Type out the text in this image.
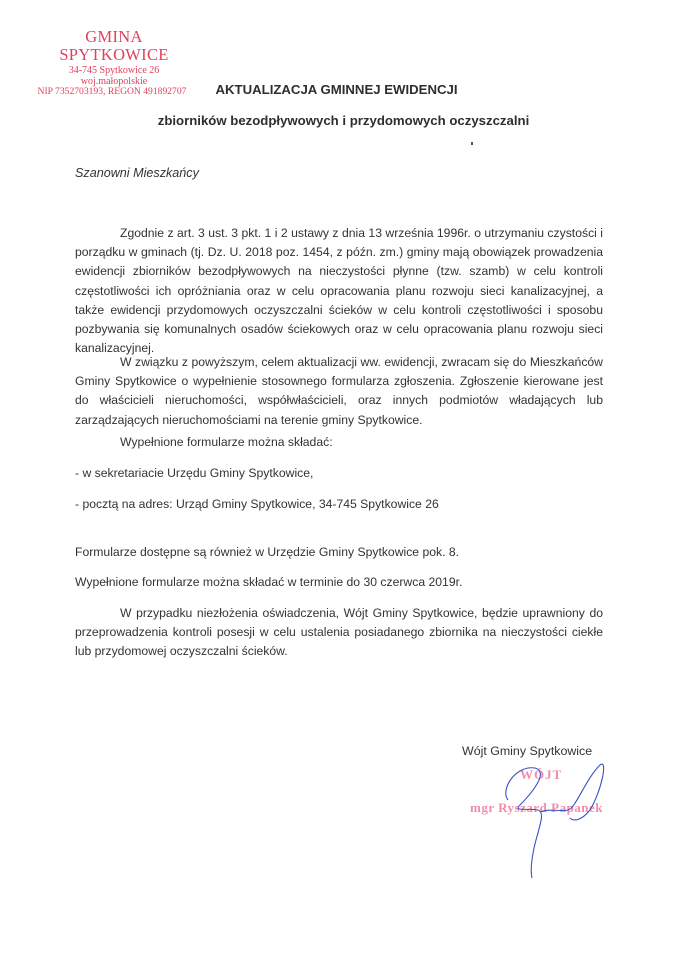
GMINA SPYTKOWICE
34-745 Spytkowice 26
woj.małopolskie
NIP 7352703193, REGON 491892707	AKTUALIZACJA GMINNEJ EWIDENCJI
zbiorników bezodpływowych i przydomowych oczyszczalni
Szanowni Mieszkańcy
Zgodnie z art. 3 ust. 3 pkt. 1 i 2 ustawy z dnia 13 września 1996r. o utrzymaniu czystości i porządku w gminach (tj. Dz. U. 2018 poz. 1454, z późn. zm.) gminy mają obowiązek prowadzenia ewidencji zbiorników bezodpływowych na nieczystości płynne (tzw. szamb) w celu kontroli częstotliwości ich opróżniania oraz w celu opracowania planu rozwoju sieci kanalizacyjnej, a także ewidencji przydomowych oczyszczalni ścieków w celu kontroli częstotliwości i sposobu pozbywania się komunalnych osadów ściekowych oraz w celu opracowania planu rozwoju sieci kanalizacyjnej.
W związku z powyższym, celem aktualizacji ww. ewidencji, zwracam się do Mieszkańców Gminy Spytkowice o wypełnienie stosownego formularza zgłoszenia. Zgłoszenie kierowane jest do właścicieli nieruchomości, współwłaścicieli, oraz innych podmiotów władających lub zarządzających nieruchomościami na terenie gminy Spytkowice.
Wypełnione formularze można składać:
- w sekretariacie Urzędu Gminy Spytkowice,
- pocztą na adres: Urząd Gminy Spytkowice, 34-745 Spytkowice 26
Formularze dostępne są również w Urzędzie Gminy Spytkowice pok. 8.
Wypełnione formularze można składać w terminie do 30 czerwca 2019r.
W przypadku niezłożenia oświadczenia, Wójt Gminy Spytkowice, będzie uprawniony do przeprowadzenia kontroli posesji w celu ustalenia posiadanego zbiornika na nieczystości ciekłe lub przydomowej oczyszczalni ścieków.
Wójt Gminy Spytkowice
WÓJT
mgr Ryszard Papanek
